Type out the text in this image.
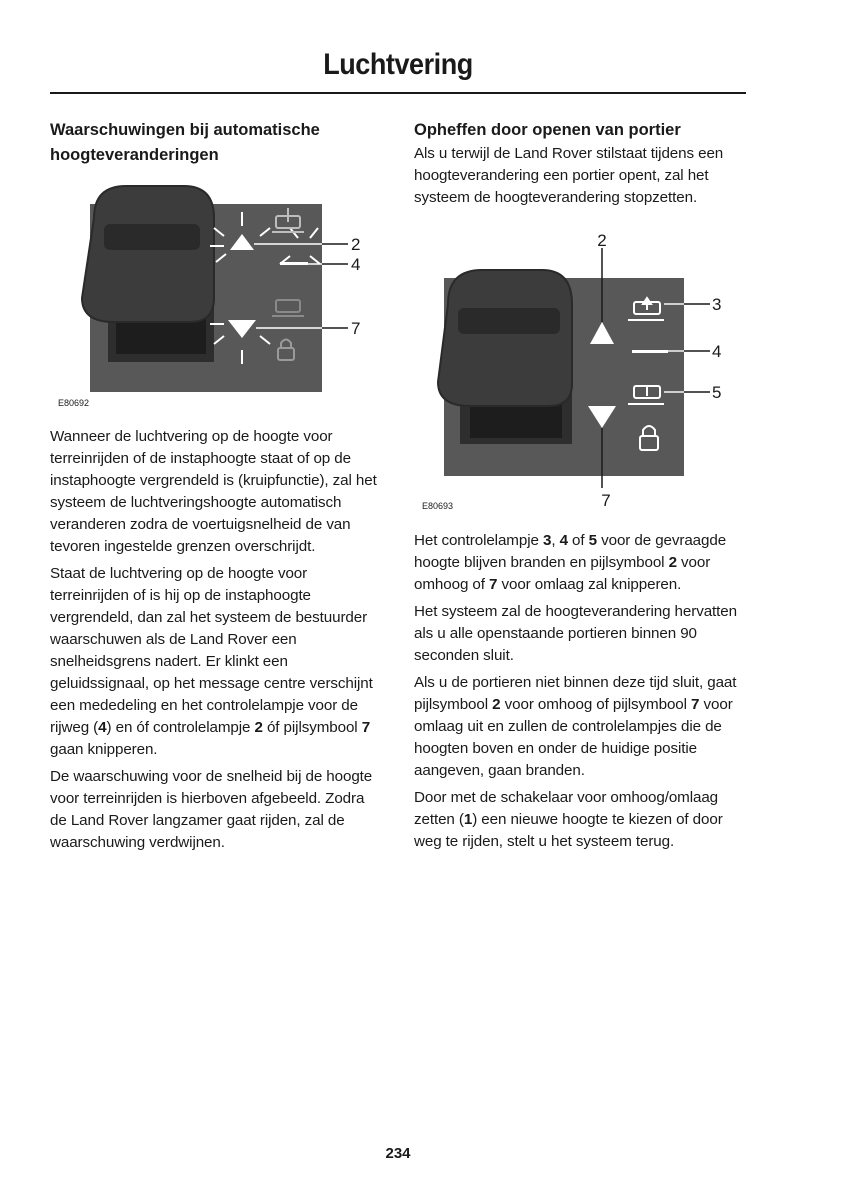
Luchtvering

Waarschuwingen bij automatische hoogteveranderingen

2
4
7
E80692

Wanneer de luchtvering op de hoogte voor terreinrijden of de instaphoogte staat of op de instaphoogte vergrendeld is (kruipfunctie), zal het systeem de luchtveringshoogte automatisch veranderen zodra de voertuigsnelheid de van tevoren ingestelde grenzen overschrijdt.

Staat de luchtvering op de hoogte voor terreinrijden of is hij op de instaphoogte vergrendeld, dan zal het systeem de bestuurder waarschuwen als de Land Rover een snelheidsgrens nadert. Er klinkt een geluidssignaal, op het message centre verschijnt een mededeling en het controlelampje voor de rijweg (4) en óf controlelampje 2 óf pijlsymbool 7 gaan knipperen.

De waarschuwing voor de snelheid bij de hoogte voor terreinrijden is hierboven afgebeeld. Zodra de Land Rover langzamer gaat rijden, zal de waarschuwing verdwijnen.

Opheffen door openen van portier

Als u terwijl de Land Rover stilstaat tijdens een hoogteverandering een portier opent, zal het systeem de hoogteverandering stopzetten.

2
3
4
5
7
E80693

Het controlelampje 3, 4 of 5 voor de gevraagde hoogte blijven branden en pijlsymbool 2 voor omhoog of 7 voor omlaag zal knipperen.

Het systeem zal de hoogteverandering hervatten als u alle openstaande portieren binnen 90 seconden sluit.

Als u de portieren niet binnen deze tijd sluit, gaat pijlsymbool 2 voor omhoog of pijlsymbool 7 voor omlaag uit en zullen de controlelampjes die de hoogten boven en onder de huidige positie aangeven, gaan branden.

Door met de schakelaar voor omhoog/omlaag zetten (1) een nieuwe hoogte te kiezen of door weg te rijden, stelt u het systeem terug.

234
